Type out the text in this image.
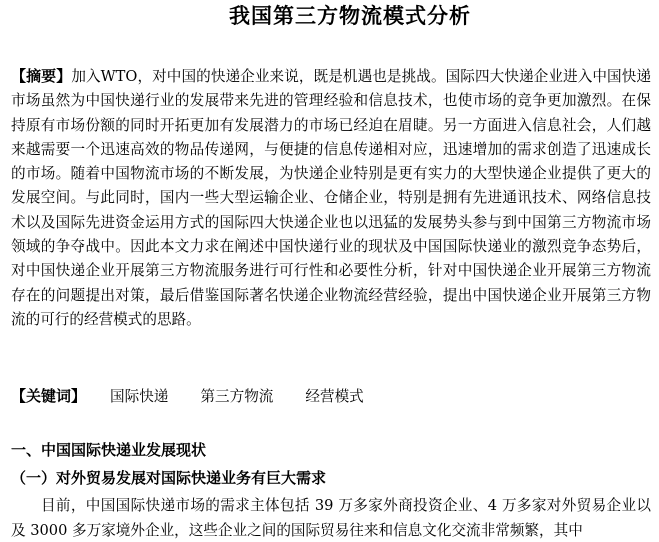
我国第三方物流模式分析

【摘要】加入WTO，对中国的快递企业来说，既是机遇也是挑战。国际四大快递企业进入中国快递市场虽然为中国快递行业的发展带来先进的管理经验和信息技术，也使市场的竞争更加激烈。在保持原有市场份额的同时开拓更加有发展潜力的市场已经迫在眉睫。另一方面进入信息社会，人们越来越需要一个迅速高效的物品传递网，与便捷的信息传递相对应，迅速增加的需求创造了迅速成长的市场。随着中国物流市场的不断发展，为快递企业特别是更有实力的大型快递企业提供了更大的发展空间。与此同时，国内一些大型运输企业、仓储企业，特别是拥有先进通讯技术、网络信息技术以及国际先进资金运用方式的国际四大快递企业也以迅猛的发展势头参与到中国第三方物流市场领域的争夺战中。因此本文力求在阐述中国快递行业的现状及中国国际快递业的激烈竞争态势后，对中国快递企业开展第三方物流服务进行可行性和必要性分析，针对中国快递企业开展第三方物流存在的问题提出对策，最后借鉴国际著名快递企业物流经营经验，提出中国快递企业开展第三方物流的可行的经营模式的思路。

【关键词】 国际快递 第三方物流 经营模式
一、中国国际快递业发展现状
（一）对外贸易发展对国际快递业务有巨大需求

目前，中国国际快递市场的需求主体包括 39 万多家外商投资企业、4 万多家对外贸易企业以及 3000 多万家境外企业，这些企业之间的国际贸易往来和信息文化交流非常频繁，其中
